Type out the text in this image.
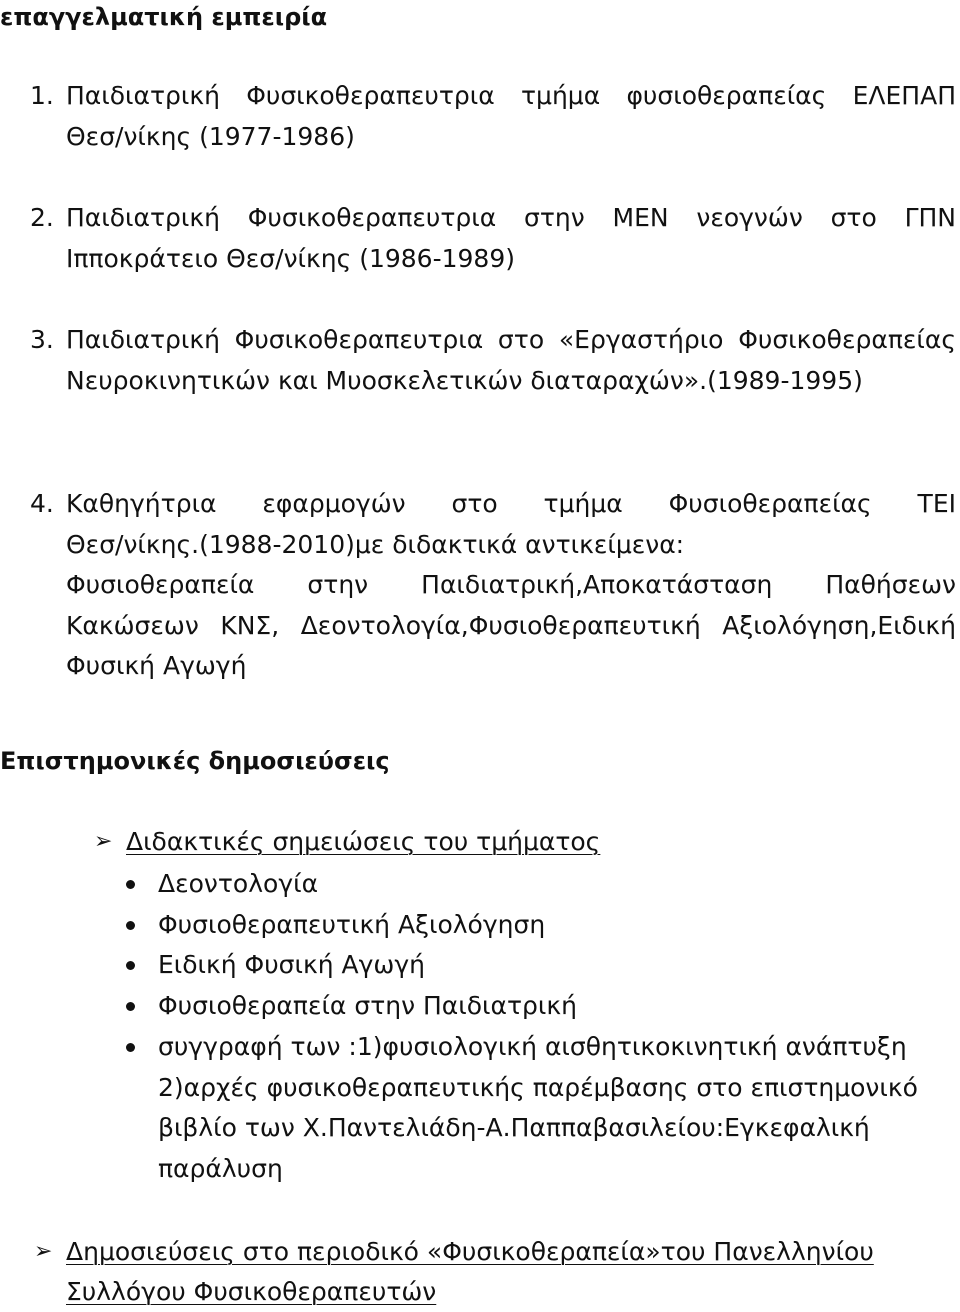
επαγγελματική εμπειρία
1. Παιδιατρική Φυσικοθεραπευτρια τμήμα φυσιοθεραπείας ΕΛΕΠΑΠ
Θεσ/νίκης (1977-1986)
2. Παιδιατρική Φυσικοθεραπευτρια στην ΜΕΝ νεογνών στο ΓΠΝ
Ιπποκράτειο Θεσ/νίκης (1986-1989)
3. Παιδιατρική Φυσικοθεραπευτρια στο «Εργαστήριο Φυσικοθεραπείας
Νευροκινητικών και Μυοσκελετικών διαταραχών».(1989-1995)
4. Καθηγήτρια εφαρμογών στο τμήμα Φυσιοθεραπείας ΤΕΙ
Θεσ/νίκης.(1988-2010)με διδακτικά αντικείμενα:
Φυσιοθεραπεία στην Παιδιατρική,Αποκατάσταση Παθήσεων
Κακώσεων ΚΝΣ, Δεοντολογία,Φυσιοθεραπευτική Αξιολόγηση,Ειδική
Φυσική Αγωγή
Επιστημονικές δημοσιεύσεις
➢ Διδακτικές σημειώσεις του τμήματος
Δεοντολογία
Φυσιοθεραπευτική Αξιολόγηση
Ειδική Φυσική Αγωγή
Φυσιοθεραπεία στην Παιδιατρική
συγγραφή των :1)φυσιολογική αισθητικοκινητική ανάπτυξη
2)αρχές φυσικοθεραπευτικής παρέμβασης στο επιστημονικό
βιβλίο των Χ.Παντελιάδη-Α.Παππαβασιλείου:Εγκεφαλική
παράλυση
➢ Δημοσιεύσεις στο περιοδικό «Φυσικοθεραπεία»του Πανελληνίου
Συλλόγου Φυσικοθεραπευτών
